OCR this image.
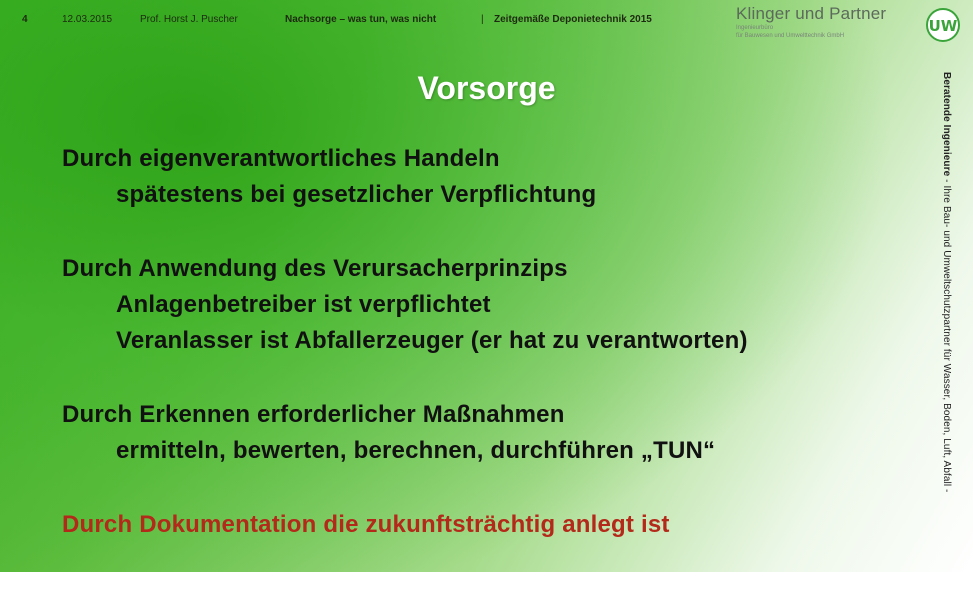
4	12.03.2015	Prof. Horst J. Puscher	Nachsorge – was tun, was nicht	| Zeitgemäße Deponietechnik 2015	Klinger und Partner
Ingenieurbüro
für Bauwesen und Umwelttechnik GmbH
UW
Vorsorge
Durch eigenverantwortliches Handeln
spätestens bei gesetzlicher Verpflichtung
Durch Anwendung des Verursacherprinzips
Anlagenbetreiber ist verpflichtet
Veranlasser ist Abfallerzeuger (er hat zu verantworten)
Durch Erkennen erforderlicher Maßnahmen
ermitteln, bewerten, berechnen, durchführen „TUN“
Durch Dokumentation die zukunftsträchtig anlegt ist
Beratende Ingenieure - Ihre Bau- und Umweltschutzpartner für Wasser, Boden, Luft, Abfall -
